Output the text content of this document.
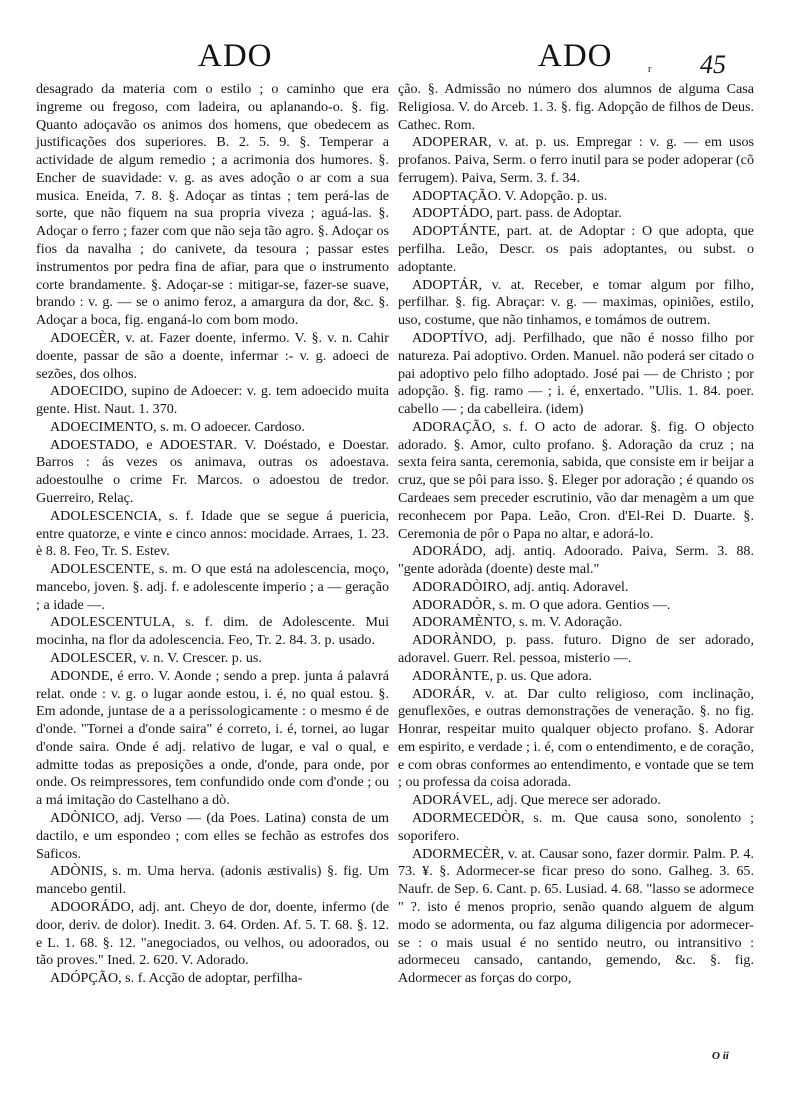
ADO	ADO	r 45

desagrado da materia com o estilo ; o caminho que era ingreme ou fregoso, com ladeira, ou aplanando-o. §. fig. Quanto adoçavão os animos dos homens, que obedecem as justificações dos superiores. B. 2. 5. 9. §. Temperar a actividade de algum remedio ; a acrimonia dos humores. §. Encher de suavidade: v. g. as aves adoção o ar com a sua musica. Eneida, 7. 8. §. Adoçar as tintas ; tem perá-las de sorte, que não fiquem na sua propria viveza ; aguá-las. §. Adoçar o ferro ; fazer com que não seja tão agro. §. Adoçar os fios da navalha ; do canivete, da tesoura ; passar estes instrumentos por pedra fina de afiar, para que o instrumento corte brandamente. §. Adoçar-se : mitigar-se, fazer-se suave, brando : v. g. — se o animo feroz, a amargura da dor, &c. §. Adoçar a boca, fig. enganá-lo com bom modo.

ADOECÈR, v. at. Fazer doente, infermo. V. §. v. n. Cahir doente, passar de são a doente, infermar :- v. g. adoeci de sezões, dos olhos.

ADOECIDO, supino de Adoecer: v. g. tem adoecido muita gente. Hist. Naut. 1. 370.

ADOECIMENTO, s. m. O adoecer. Cardoso.

ADOESTADO, e ADOESTAR. V. Doéstado, e Doestar. Barros : ás vezes os animava, outras os adoestava. adoestoulhe o crime Fr. Marcos. o adoestou de tredor. Guerreiro, Relaç.

ADOLESCENCIA, s. f. Idade que se segue á puericia, entre quatorze, e vinte e cinco annos: mocidade. Arraes, 1. 23. è 8. 8. Feo, Tr. S. Estev.

ADOLESCENTE, s. m. O que está na adolescencia, moço, mancebo, joven. §. adj. f. e adolescente imperio ; a — geração ; a idade —.

ADOLESCENTULA, s. f. dim. de Adolescente. Mui mocinha, na flor da adolescencia. Feo, Tr. 2. 84. 3. p. usado.

ADOLESCER, v. n. V. Crescer. p. us.

ADONDE, é erro. V. Aonde ; sendo a prep. junta á palavrá relat. onde : v. g. o lugar aonde estou, i. é, no qual estou. §. Em adonde, juntase de a a perissologicamente : o mesmo é de d'onde. "Tornei a d'onde saira" é correto, i. é, tornei, ao lugar d'onde saira. Onde é adj. relativo de lugar, e val o qual, e admitte todas as preposições a onde, d'onde, para onde, por onde. Os reimpressores, tem confundido onde com d'onde ; ou a má imitação do Castelhano a dò.

ADÒNICO, adj. Verso — (da Poes. Latina) consta de um dactilo, e um espondeo ; com elles se fechão as estrofes dos Saficos.

ADÒNIS, s. m. Uma herva. (adonis æstivalis) §. fig. Um mancebo gentil.

ADOORÁDO, adj. ant. Cheyo de dor, doente, infermo (de door, deriv. de dolor). Inedit. 3. 64. Orden. Af. 5. T. 68. §. 12. e L. 1. 68. §. 12. "anegociados, ou velhos, ou adoorados, ou tão proves." Ined. 2. 620. V. Adorado.

ADÓPÇÃO, s. f. Acção de adoptar, perfilha-

ção. §. Admissão no número dos alumnos de alguma Casa Religiosa. V. do Arceb. 1. 3. §. fig. Adopção de filhos de Deus. Cathec. Rom.

ADOPERAR, v. at. p. us. Empregar : v. g. — em usos profanos. Paiva, Serm. o ferro inutil para se poder adoperar (cõ ferrugem). Paiva, Serm. 3. f. 34.

ADOPTAÇÃO. V. Adopção. p. us.

ADOPTÁDO, part. pass. de Adoptar.

ADOPTÁNTE, part. at. de Adoptar : O que adopta, que perfilha. Leão, Descr. os pais adoptantes, ou subst. o adoptante.

ADOPTÁR, v. at. Receber, e tomar algum por filho, perfilhar. §. fig. Abraçar: v. g. — maximas, opiniões, estilo, uso, costume, que não tinhamos, e tomámos de outrem.

ADOPTÍVO, adj. Perfilhado, que não é nosso filho por natureza. Pai adoptivo. Orden. Manuel. não poderá ser citado o pai adoptivo pelo filho adoptado. José pai — de Christo ; por adopção. §. fig. ramo — ; i. é, enxertado. "Ulis. 1. 84. poer. cabello — ; da cabelleira. (idem)

ADORAÇÃO, s. f. O acto de adorar. §. fig. O objecto adorado. §. Amor, culto profano. §. Adoração da cruz ; na sexta feira santa, ceremonia, sabida, que consiste em ir beijar a cruz, que se pôi para isso. §. Eleger por adoração ; é quando os Cardeaes sem preceder escrutinio, vão dar menagèm a um que reconhecem por Papa. Leão, Cron. d'El-Rei D. Duarte. §. Ceremonia de pôr o Papa no altar, e adorá-lo.

ADORÁDO, adj. antiq. Adoorado. Paiva, Serm. 3. 88. "gente adoràda (doente) deste mal."

ADORADÒIRO, adj. antiq. Adoravel.

ADORADÒR, s. m. O que adora. Gentios —.

ADORAMÈNTO, s. m. V. Adoração.

ADORÀNDO, p. pass. futuro. Digno de ser adorado, adoravel. Guerr. Rel. pessoa, misterio —.

ADORÀNTE, p. us. Que adora.

ADORÁR, v. at. Dar culto religioso, com inclinação, genuflexões, e outras demonstrações de veneração. §. no fig. Honrar, respeitar muito qualquer objecto profano. §. Adorar em espirito, e verdade ; i. é, com o entendimento, e de coração, e com obras conformes ao entendimento, e vontade que se tem ; ou professa da coisa adorada.

ADORÁVEL, adj. Que merece ser adorado.

ADORMECEDÒR, s. m. Que causa sono, sonolento ; soporifero.

ADORMECÈR, v. at. Causar sono, fazer dormir. Palm. P. 4. 73. ¥. §. Adormecer-se ficar preso do sono. Galheg. 3. 65. Naufr. de Sep. 6. Cant. p. 65. Lusiad. 4. 68. "lasso se adormece " ?. isto é menos proprio, senão quando alguem de algum modo se adormenta, ou faz alguma diligencia por adormecer-se : o mais usual é no sentido neutro, ou intransitivo : adormeceu cansado, cantando, gemendo, &c. §. fig. Adormecer as forças do corpo,

O ii
